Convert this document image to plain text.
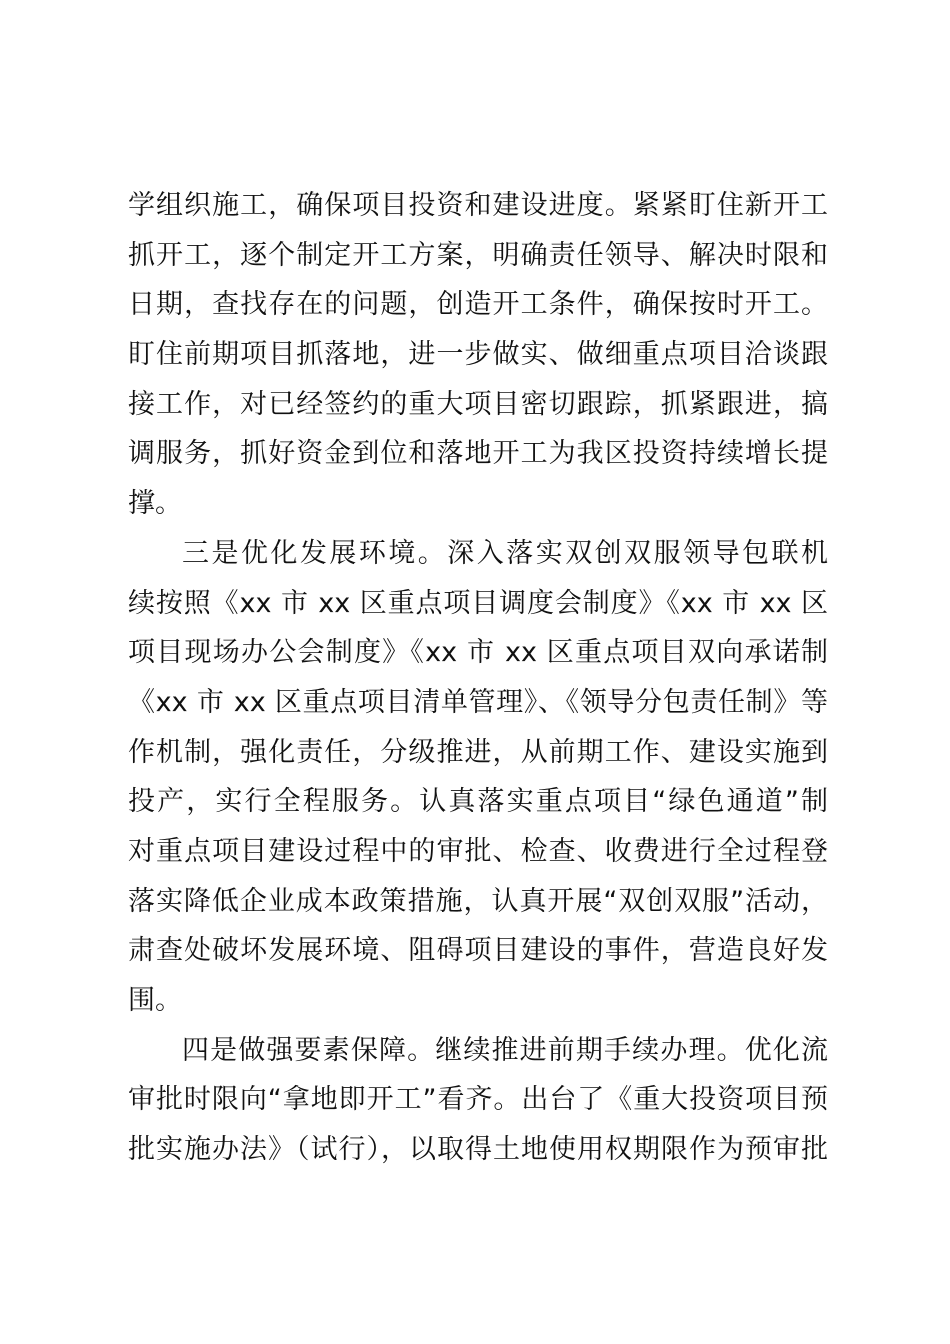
学组织施工，确保项目投资和建设进度。紧紧盯住新开工
抓开工，逐个制定开工方案，明确责任领导、解决时限和
日期，查找存在的问题，创造开工条件，确保按时开工。
盯住前期项目抓落地，进一步做实、做细重点项目洽谈跟
接工作，对已经签约的重大项目密切跟踪，抓紧跟进，搞
调服务，抓好资金到位和落地开工为我区投资持续增长提
撑。
三是优化发展环境。深入落实双创双服领导包联机
续按照《xx 市 xx 区重点项目调度会制度》《xx 市 xx 区
项目现场办公会制度》《xx 市 xx 区重点项目双向承诺制
《xx 市 xx 区重点项目清单管理》、《领导分包责任制》等
作机制，强化责任，分级推进，从前期工作、建设实施到
投产，实行全程服务。认真落实重点项目“绿色通道”制
对重点项目建设过程中的审批、检查、收费进行全过程登
落实降低企业成本政策措施，认真开展“双创双服”活动，
肃查处破坏发展环境、阻碍项目建设的事件，营造良好发
围。
四是做强要素保障。继续推进前期手续办理。优化流
审批时限向“拿地即开工”看齐。出台了《重大投资项目预
批实施办法》（试行），以取得土地使用权期限作为预审批
